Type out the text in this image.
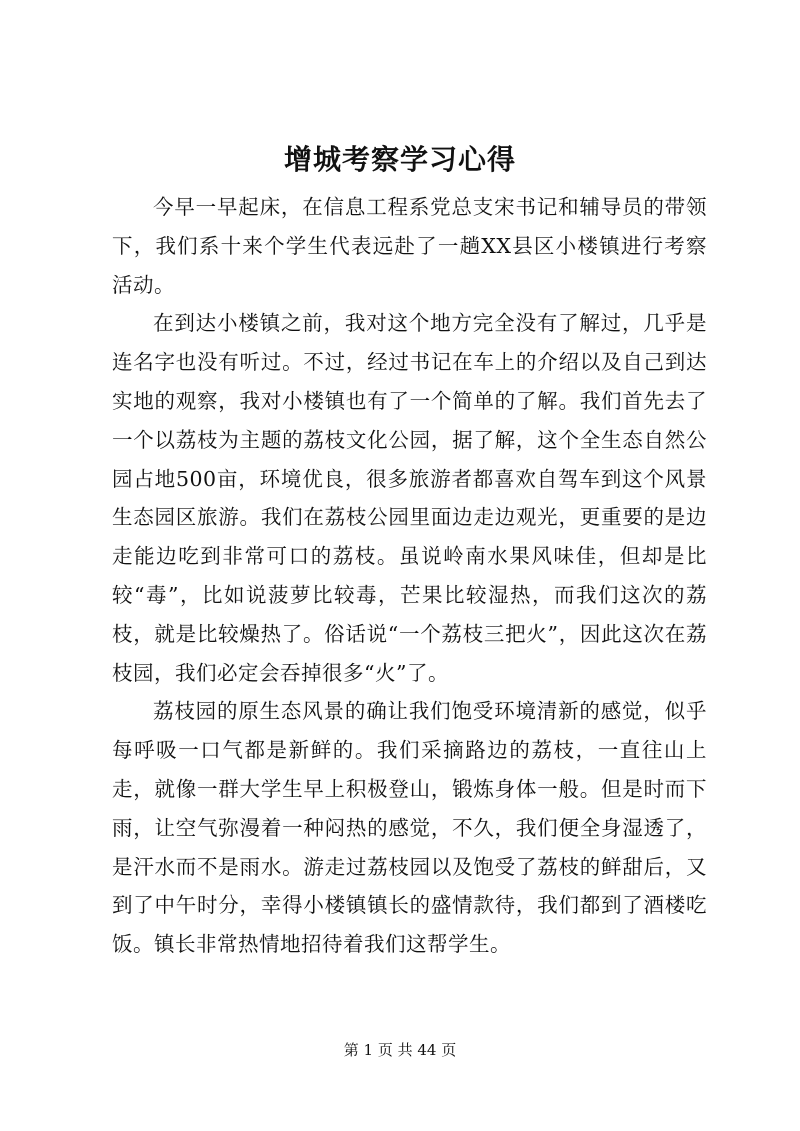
增城考察学习心得

今早一早起床，在信息工程系党总支宋书记和辅导员的带领下，我们系十来个学生代表远赴了一趟XX县区小楼镇进行考察活动。

在到达小楼镇之前，我对这个地方完全没有了解过，几乎是连名字也没有听过。不过，经过书记在车上的介绍以及自己到达实地的观察，我对小楼镇也有了一个简单的了解。我们首先去了一个以荔枝为主题的荔枝文化公园，据了解，这个全生态自然公园占地500亩，环境优良，很多旅游者都喜欢自驾车到这个风景生态园区旅游。我们在荔枝公园里面边走边观光，更重要的是边走能边吃到非常可口的荔枝。虽说岭南水果风味佳，但却是比较“毒”，比如说菠萝比较毒，芒果比较湿热，而我们这次的荔枝，就是比较燥热了。俗话说“一个荔枝三把火”，因此这次在荔枝园，我们必定会吞掉很多“火”了。

荔枝园的原生态风景的确让我们饱受环境清新的感觉，似乎每呼吸一口气都是新鲜的。我们采摘路边的荔枝，一直往山上走，就像一群大学生早上积极登山，锻炼身体一般。但是时而下雨，让空气弥漫着一种闷热的感觉，不久，我们便全身湿透了，是汗水而不是雨水。游走过荔枝园以及饱受了荔枝的鲜甜后，又到了中午时分，幸得小楼镇镇长的盛情款待，我们都到了酒楼吃饭。镇长非常热情地招待着我们这帮学生。

第 1 页 共 44 页
